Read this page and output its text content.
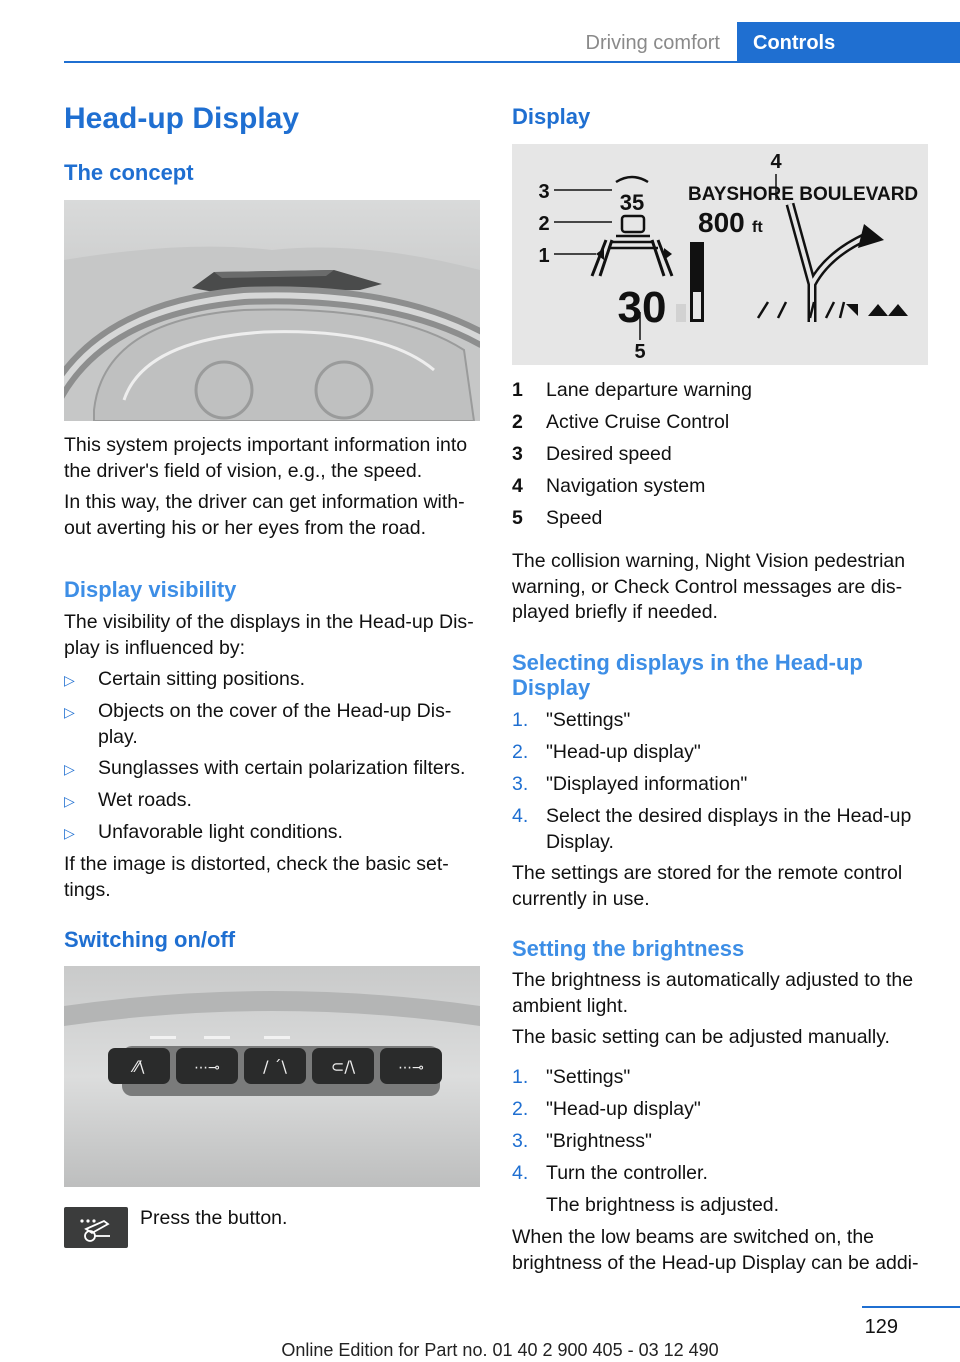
Driving comfort	Controls
Head-up Display
The concept
This system projects important information into the driver's field of vision, e.g., the speed.
In this way, the driver can get information without averting his or her eyes from the road.
Display visibility
The visibility of the displays in the Head-up Display is influenced by:
▷ Certain sitting positions.
▷ Objects on the cover of the Head-up Display.
▷ Sunglasses with certain polarization filters.
▷ Wet roads.
▷ Unfavorable light conditions.
If the image is distorted, check the basic settings.
Switching on/off
⁄⁄\	⋯⊸	/ ˊ\	⊂/\	⋯⊸
Press the button.
Display
3
2
1
4
5
35
30
BAYSHORE BOULEVARD
800 ft
1 Lane departure warning
2 Active Cruise Control
3 Desired speed
4 Navigation system
5 Speed
The collision warning, Night Vision pedestrian warning, or Check Control messages are displayed briefly if needed.
Selecting displays in the Head-up Display
1. "Settings"
2. "Head-up display"
3. "Displayed information"
4. Select the desired displays in the Head-up Display.
The settings are stored for the remote control currently in use.
Setting the brightness
The brightness is automatically adjusted to the ambient light.
The basic setting can be adjusted manually.
1. "Settings"
2. "Head-up display"
3. "Brightness"
4. Turn the controller.
The brightness is adjusted.
When the low beams are switched on, the brightness of the Head-up Display can be addi-
129
Online Edition for Part no. 01 40 2 900 405 - 03 12 490
